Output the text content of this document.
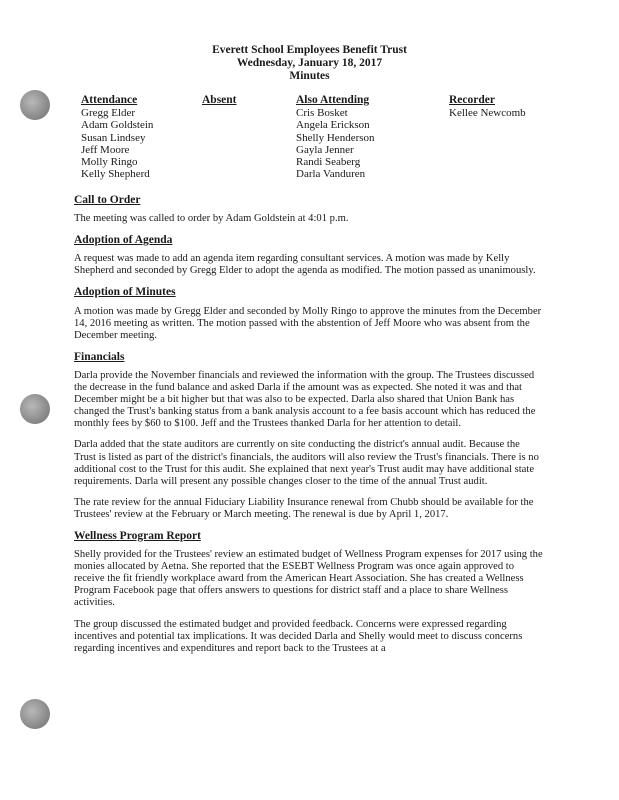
Everett School Employees Benefit Trust
Wednesday, January 18, 2017
Minutes
Attendance
Gregg Elder
Adam Goldstein
Susan Lindsey
Jeff Moore
Molly Ringo
Kelly Shepherd
Absent	Also Attending
Cris Bosket
Angela Erickson
Shelly Henderson
Gayla Jenner
Randi Seaberg
Darla Vanduren
Recorder
Kellee Newcomb
Call to Order
The meeting was called to order by Adam Goldstein at 4:01 p.m.
Adoption of Agenda
A request was made to add an agenda item regarding consultant services. A motion was made by Kelly Shepherd and seconded by Gregg Elder to adopt the agenda as modified. The motion passed as unanimously.
Adoption of Minutes
A motion was made by Gregg Elder and seconded by Molly Ringo to approve the minutes from the December 14, 2016 meeting as written. The motion passed with the abstention of Jeff Moore who was absent from the December meeting.
Financials
Darla provide the November financials and reviewed the information with the group. The Trustees discussed the decrease in the fund balance and asked Darla if the amount was as expected. She noted it was and that December might be a bit higher but that was also to be expected. Darla also shared that Union Bank has changed the Trust's banking status from a bank analysis account to a fee basis account which has reduced the monthly fees by $60 to $100. Jeff and the Trustees thanked Darla for her attention to detail.
Darla added that the state auditors are currently on site conducting the district's annual audit. Because the Trust is listed as part of the district's financials, the auditors will also review the Trust's financials. There is no additional cost to the Trust for this audit. She explained that next year's Trust audit may have additional state requirements. Darla will present any possible changes closer to the time of the annual Trust audit.
The rate review for the annual Fiduciary Liability Insurance renewal from Chubb should be available for the Trustees' review at the February or March meeting. The renewal is due by April 1, 2017.
Wellness Program Report
Shelly provided for the Trustees' review an estimated budget of Wellness Program expenses for 2017 using the monies allocated by Aetna. She reported that the ESEBT Wellness Program was once again approved to receive the fit friendly workplace award from the American Heart Association. She has created a Wellness Program Facebook page that offers answers to questions for district staff and a place to share Wellness activities.
The group discussed the estimated budget and provided feedback. Concerns were expressed regarding incentives and potential tax implications. It was decided Darla and Shelly would meet to discuss concerns regarding incentives and expenditures and report back to the Trustees at a
